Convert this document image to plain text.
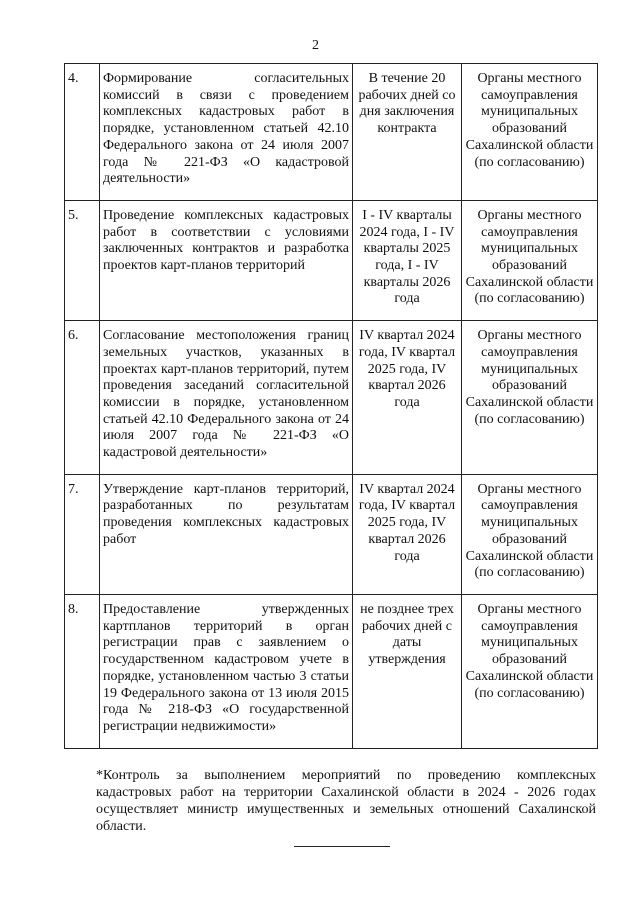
2
4.	Формирование согласительных комиссий в связи с проведением комплексных кадастровых работ в порядке, установленном статьей 42.10 Федерального закона от 24 июля 2007 года № 221-ФЗ «О кадастровой деятельности»	В течение 20 рабочих дней со дня заключения контракта	Органы местного самоуправления муниципальных образований Сахалинской области (по согласованию)
5.	Проведение комплексных кадастровых работ в соответствии с условиями заключенных контрактов и разработка проектов карт-планов территорий	I - IV кварталы 2024 года, I - IV кварталы 2025 года, I - IV кварталы 2026 года	Органы местного самоуправления муниципальных образований Сахалинской области (по согласованию)
6.	Согласование местоположения границ земельных участков, указанных в проектах карт-планов территорий, путем проведения заседаний согласительной комиссии в порядке, установленном статьей 42.10 Федерального закона от 24 июля 2007 года № 221-ФЗ «О кадастровой деятельности»	IV квартал 2024 года, IV квартал 2025 года, IV квартал 2026 года	Органы местного самоуправления муниципальных образований Сахалинской области (по согласованию)
7.	Утверждение карт-планов территорий, разработанных по результатам проведения комплексных кадастровых работ	IV квартал 2024 года, IV квартал 2025 года, IV квартал 2026 года	Органы местного самоуправления муниципальных образований Сахалинской области (по согласованию)
8.	Предоставление утвержденных картпланов территорий в орган регистрации прав с заявлением о государственном кадастровом учете в порядке, установленном частью 3 статьи 19 Федерального закона от 13 июля 2015 года № 218-ФЗ «О государственной регистрации недвижимости»	не позднее трех рабочих дней с даты утверждения	Органы местного самоуправления муниципальных образований Сахалинской области (по согласованию)
*Контроль за выполнением мероприятий по проведению комплексных кадастровых работ на территории Сахалинской области в 2024 - 2026 годах осуществляет министр имущественных и земельных отношений Сахалинской области.
